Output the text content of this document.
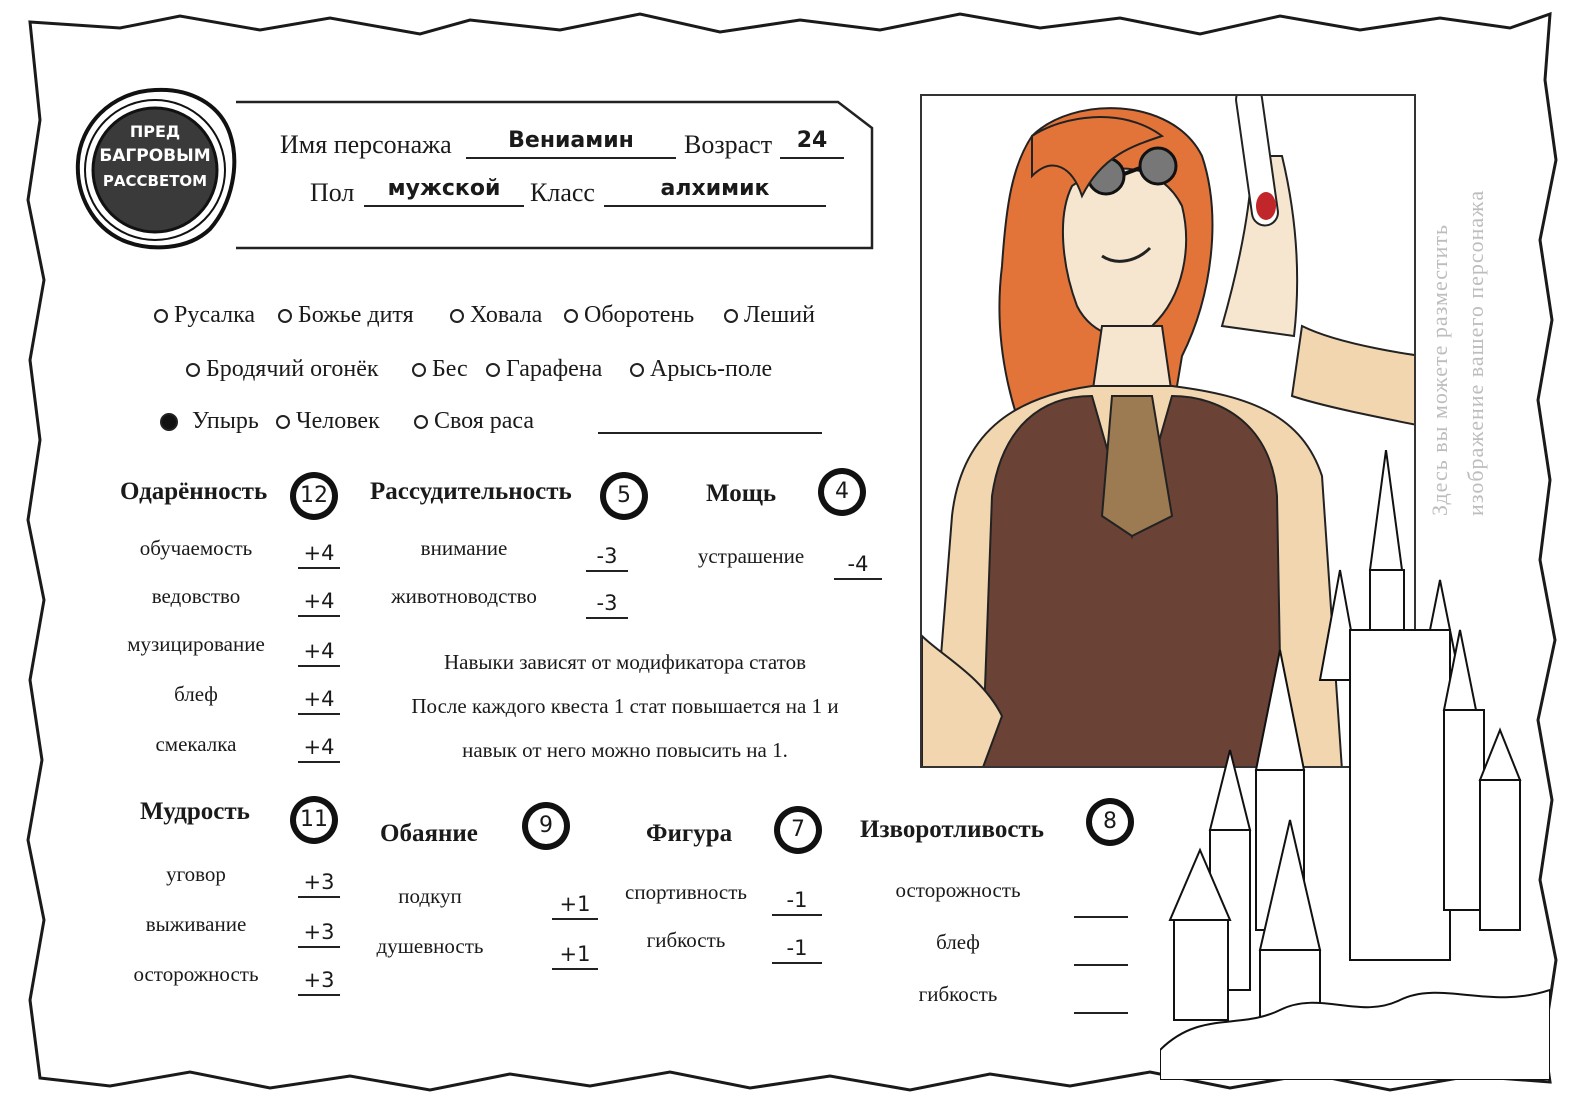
ПРЕД
БАГРОВЫМ
РАССВЕТОМ
Имя персонажа	Вениамин	Возраст	24
Пол	мужской	Класс	алхимик
Русалка Божье дитя Ховала Оборотень Леший
Бродячий огонёк Бес Гарафена Арысь-поле
Упырь Человек Своя раса
Одарённость	12	Рассудительность	5	Мощь	4
обучаемость	+4
ведовство	+4
музицирование	+4
блеф	+4
смекалка	+4
внимание	-3
животноводство	-3
устрашение	-4
Навыки зависят от модификатора статов
После каждого квеста 1 стат повышается на 1 и
навык от него можно повысить на 1.
Мудрость	11
Обаяние	9	Фигура	7	Изворотливость	8
уговор	+3
выживание	+3
осторожность	+3
подкуп	+1
душевность	+1
спортивность	-1
гибкость	-1
осторожность
блеф
гибкость
Здесь вы можете разместить изображение вашего персонажа
